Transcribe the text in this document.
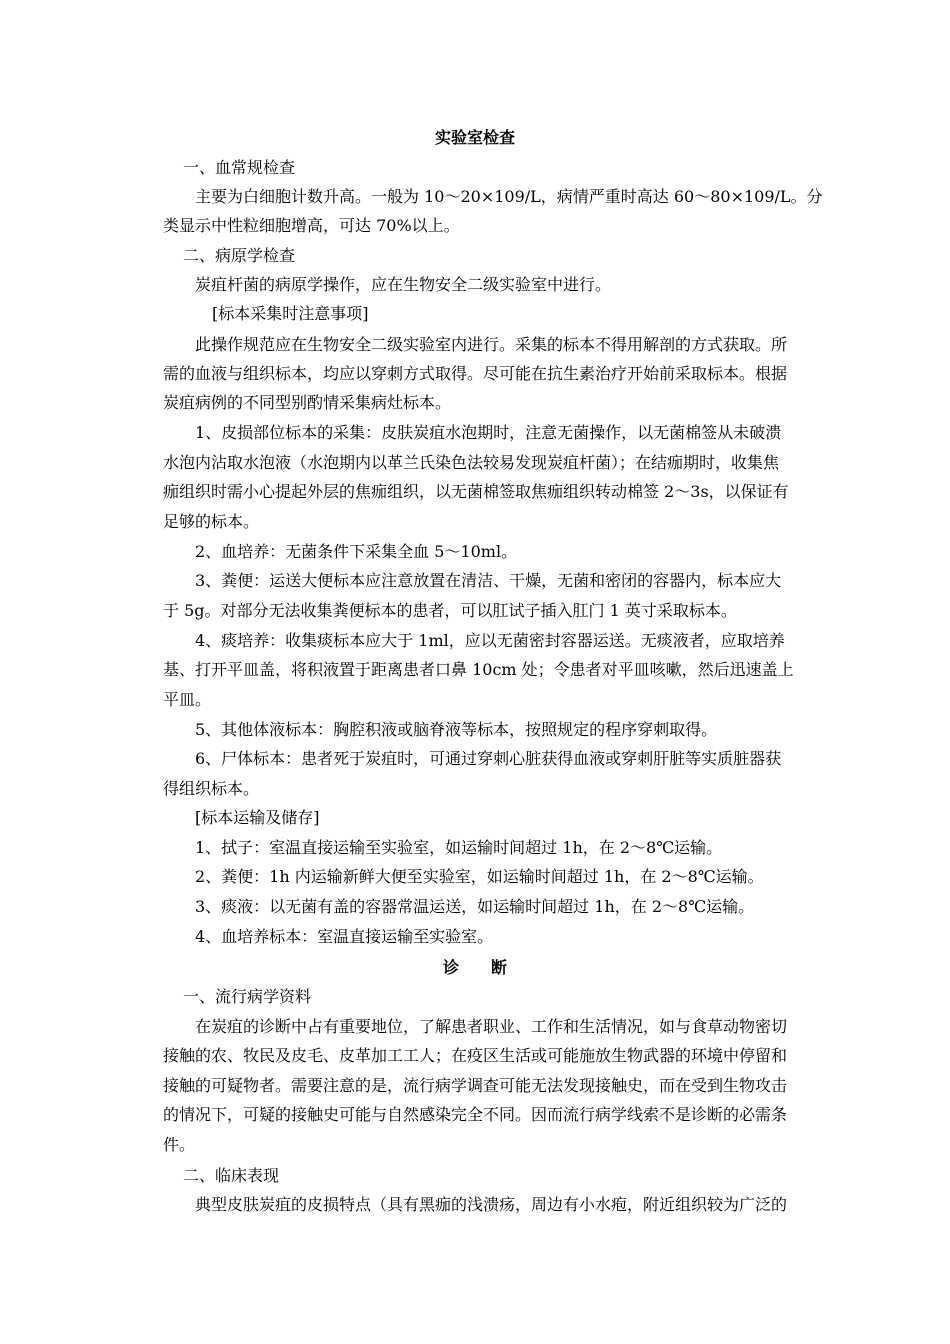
实验室检查
一、血常规检查
主要为白细胞计数升高。一般为 10～20×109/L，病情严重时高达 60～80×109/L。分
类显示中性粒细胞增高，可达 70%以上。
二、病原学检查
炭疽杆菌的病原学操作，应在生物安全二级实验室中进行。
[标本采集时注意事项]
此操作规范应在生物安全二级实验室内进行。采集的标本不得用解剖的方式获取。所
需的血液与组织标本，均应以穿刺方式取得。尽可能在抗生素治疗开始前采取标本。根据
炭疽病例的不同型别酌情采集病灶标本。
1、皮损部位标本的采集：皮肤炭疽水泡期时，注意无菌操作，以无菌棉签从未破溃
水泡内沾取水泡液（水泡期内以革兰氏染色法较易发现炭疽杆菌）；在结痂期时，收集焦
痂组织时需小心提起外层的焦痂组织，以无菌棉签取焦痂组织转动棉签 2～3s，以保证有
足够的标本。
2、血培养：无菌条件下采集全血 5～10ml。
3、粪便：运送大便标本应注意放置在清洁、干燥，无菌和密闭的容器内，标本应大
于 5g。对部分无法收集粪便标本的患者，可以肛试子插入肛门 1 英寸采取标本。
4、痰培养：收集痰标本应大于 1ml，应以无菌密封容器运送。无痰液者，应取培养
基、打开平皿盖，将积液置于距离患者口鼻 10cm 处；令患者对平皿咳嗽，然后迅速盖上
平皿。
5、其他体液标本：胸腔积液或脑脊液等标本，按照规定的程序穿刺取得。
6、尸体标本：患者死于炭疽时，可通过穿刺心脏获得血液或穿刺肝脏等实质脏器获
得组织标本。
[标本运输及储存]
1、拭子：室温直接运输至实验室，如运输时间超过 1h，在 2～8℃运输。
2、粪便：1h 内运输新鲜大便至实验室，如运输时间超过 1h，在 2～8℃运输。
3、痰液：以无菌有盖的容器常温运送，如运输时间超过 1h，在 2～8℃运输。
4、血培养标本：室温直接运输至实验室。
诊　　断
一、流行病学资料
在炭疽的诊断中占有重要地位，了解患者职业、工作和生活情况，如与食草动物密切
接触的农、牧民及皮毛、皮革加工工人；在疫区生活或可能施放生物武器的环境中停留和
接触的可疑物者。需要注意的是，流行病学调查可能无法发现接触史，而在受到生物攻击
的情况下，可疑的接触史可能与自然感染完全不同。因而流行病学线索不是诊断的必需条
件。
二、临床表现
典型皮肤炭疽的皮损特点（具有黑痂的浅溃疡，周边有小水疱，附近组织较为广泛的
